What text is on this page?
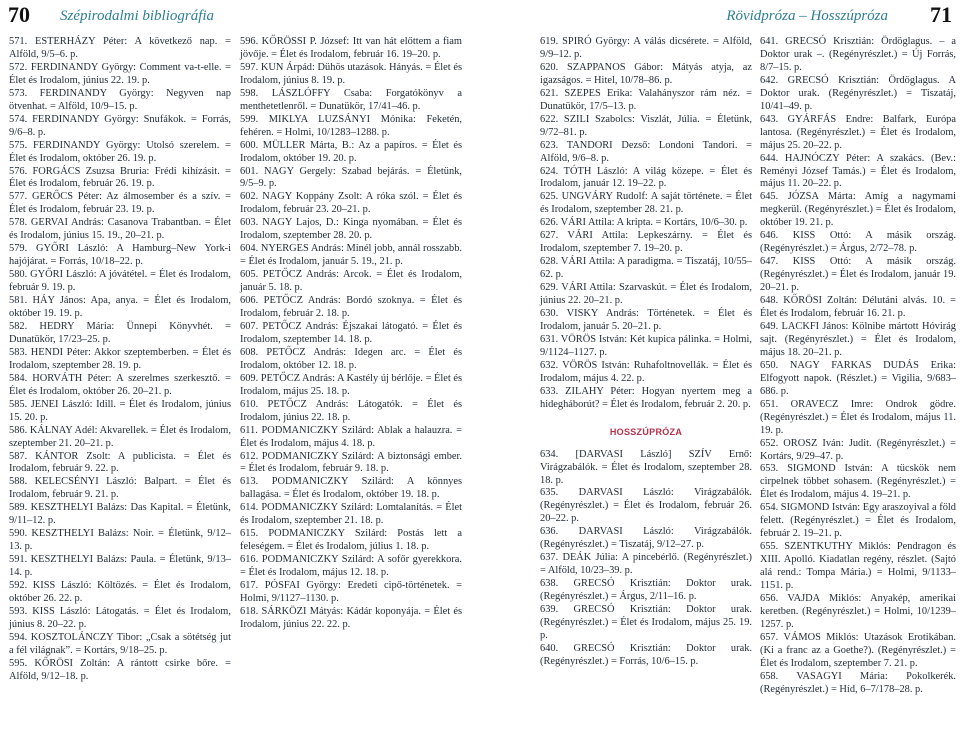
70 Szépirodalmi bibliográfia

571. ESTERHÁZY Péter: A következő nap. = Alföld, 9/5–6. p.

572. FERDINANDY György: Comment va-t-elle. = Élet és Irodalom, június 22. 19. p.

573. FERDINANDY György: Negyven nap ötvenhat. = Alföld, 10/9–15. p.

574. FERDINANDY György: Snufákok. = Forrás, 9/6–8. p.

575. FERDINANDY György: Utolsó szerelem. = Élet és Irodalom, október 26. 19. p.

576. FORGÁCS Zsuzsa Bruria: Frédi kihízásit. = Élet és Irodalom, február 26. 19. p.

577. GERŐCS Péter: Az álmosember és a szív. = Élet és Irodalom, február 23. 19. p.

578. GERVAI András: Casanova Trabantban. = Élet és Irodalom, június 15. 19., 20–21. p.

579. GYŐRI László: A Hamburg–New York-i hajójárat. = Forrás, 10/18–22. p.

580. GYŐRI László: A jóvátétel. = Élet és Irodalom, február 9. 19. p.

581. HÁY János: Apa, anya. = Élet és Irodalom, október 19. 19. p.

582. HEDRY Mária: Ünnepi Könyvhét. = Dunatükör, 17/23–25. p.

583. HENDI Péter: Akkor szeptemberben. = Élet és Irodalom, szeptember 28. 19. p.

584. HORVÁTH Péter: A szerelmes szerkesztő. = Élet és Irodalom, október 26. 20–21. p.

585. JENEI László: Idill. = Élet és Irodalom, június 15. 20. p.

586. KÁLNAY Adél: Akvarellek. = Élet és Irodalom, szeptember 21. 20–21. p.

587. KÁNTOR Zsolt: A publicista. = Élet és Irodalom, február 9. 22. p.

588. KELECSÉNYI László: Balpart. = Élet és Irodalom, február 9. 21. p.

589. KESZTHELYI Balázs: Das Kapital. = Életünk, 9/11–12. p.

590. KESZTHELYI Balázs: Noir. = Életünk, 9/12–13. p.

591. KESZTHELYI Balázs: Paula. = Életünk, 9/13–14. p.

592. KISS László: Költözés. = Élet és Irodalom, október 26. 22. p.

593. KISS László: Látogatás. = Élet és Irodalom, június 8. 20–22. p.

594. KOSZTOLÁNCZY Tibor: „Csak a sötétség jut a fél világnak”. = Kortárs, 9/18–25. p.

595. KŐRÖSI Zoltán: A rántott csirke bőre. = Alföld, 9/12–18. p.

596. KŐRÖSSI P. József: Itt van hát előttem a fiam jövője. = Élet és Irodalom, február 16. 19–20. p.

597. KUN Árpád: Dühös utazások. Hányás. = Élet és Irodalom, június 8. 19. p.

598. LÁSZLÓFFY Csaba: Forgatókönyv a menthetetlenről. = Dunatükör, 17/41–46. p.

599. MIKLYA LUZSÁNYI Mónika: Feketén, fehéren. = Holmi, 10/1283–1288. p.

600. MÜLLER Márta, B.: Az a papíros. = Élet és Irodalom, október 19. 20. p.

601. NAGY Gergely: Szabad bejárás. = Életünk, 9/5–9. p.

602. NAGY Koppány Zsolt: A róka szól. = Élet és Irodalom, február 23. 20–21. p.

603. NAGY Lajos, D.: Kinga nyomában. = Élet és Irodalom, szeptember 28. 20. p.

604. NYERGES András: Minél jobb, annál rosszabb. = Élet és Irodalom, január 5. 19., 21. p.

605. PETŐCZ András: Arcok. = Élet és Irodalom, január 5. 18. p.

606. PETŐCZ András: Bordó szoknya. = Élet és Irodalom, február 2. 18. p.

607. PETŐCZ András: Éjszakai látogató. = Élet és Irodalom, szeptember 14. 18. p.

608. PETŐCZ András: Idegen arc. = Élet és Irodalom, október 12. 18. p.

609. PETŐCZ András: A Kastély új bérlője. = Élet és Irodalom, május 25. 18. p.

610. PETŐCZ András: Látogatók. = Élet és Irodalom, június 22. 18. p.

611. PODMANICZKY Szilárd: Ablak a halauzra. = Élet és Irodalom, május 4. 18. p.

612. PODMANICZKY Szilárd: A biztonsági ember. = Élet és Irodalom, február 9. 18. p.

613. PODMANICZKY Szilárd: A könnyes ballagása. = Élet és Irodalom, október 19. 18. p.

614. PODMANICZKY Szilárd: Lomtalanítás. = Élet és Irodalom, szeptember 21. 18. p.

615. PODMANICZKY Szilárd: Postás lett a feleségem. = Élet és Irodalom, július 1. 18. p.

616. PODMANICZKY Szilárd: A sofőr gyerekkora. = Élet és Irodalom, május 12. 18. p.

617. PÓSFAI György: Eredeti cipő-történetek. = Holmi, 9/1127–1130. p.

618. SÁRKÖZI Mátyás: Kádár koponyája. = Élet és Irodalom, június 22. 22. p.

Rövidpróza – Hosszúpróza 71

619. SPIRÓ György: A válás dicsérete. = Alföld, 9/9–12. p.

620. SZAPPANOS Gábor: Mátyás atyja, az igazságos. = Hitel, 10/78–86. p.

621. SZEPES Erika: Valahányszor rám néz. = Dunatükör, 17/5–13. p.

622. SZILI Szabolcs: Viszlát, Júlia. = Életünk, 9/72–81. p.

623. TANDORI Dezső: Londoni Tandori. = Alföld, 9/6–8. p.

624. TÓTH László: A világ közepe. = Élet és Irodalom, január 12. 19–22. p.

625. UNGVÁRY Rudolf: A saját története. = Élet és Irodalom, szeptember 28. 21. p.

626. VÁRI Attila: A kripta. = Kortárs, 10/6–30. p.

627. VÁRI Attila: Lepkeszárny. = Élet és Irodalom, szeptember 7. 19–20. p.

628. VÁRI Attila: A paradigma. = Tiszatáj, 10/55–62. p.

629. VÁRI Attila: Szarvaskút. = Élet és Irodalom, június 22. 20–21. p.

630. VISKY András: Történetek. = Élet és Irodalom, január 5. 20–21. p.

631. VÖRÖS István: Két kupica pálinka. = Holmi, 9/1124–1127. p.

632. VÖRÖS István: Ruhafoltnovellák. = Élet és Irodalom, május 4. 22. p.

633. ZILAHY Péter: Hogyan nyertem meg a hidegháborút? = Élet és Irodalom, február 2. 20. p.

HOSSZÚPRÓZA

634. [DARVASI László] SZÍV Ernő: Virágzabálók. = Élet és Irodalom, szeptember 28. 18. p.

635. DARVASI László: Virágzabálók. (Regényrészlet.) = Élet és Irodalom, február 26. 20–22. p.

636. DARVASI László: Virágzabálók. (Regényrészlet.) = Tiszatáj, 9/12–27. p.

637. DEÁK Júlia: A pincebérlő. (Regényrészlet.) = Alföld, 10/23–39. p.

638. GRECSÓ Krisztián: Doktor urak. (Regényrészlet.) = Árgus, 2/11–16. p.

639. GRECSÓ Krisztián: Doktor urak. (Regényrészlet.) = Élet és Irodalom, május 25. 19. p.

640. GRECSÓ Krisztián: Doktor urak. (Regényrészlet.) = Forrás, 10/6–15. p.

641. GRECSÓ Krisztián: Ördöglagus. – a Doktor urak –. (Regényrészlet.) = Új Forrás, 8/7–15. p.

642. GRECSÓ Krisztián: Ördöglagus. A Doktor urak. (Regényrészlet.) = Tiszatáj, 10/41–49. p.

643. GYÁRFÁS Endre: Balfark, Európa lantosa. (Regényrészlet.) = Élet és Irodalom, május 25. 20–22. p.

644. HAJNÓCZY Péter: A szakács. (Bev.: Reményi József Tamás.) = Élet és Irodalom, május 11. 20–22. p.

645. JÓZSA Márta: Amíg a nagymami megkerül. (Regényrészlet.) = Élet és Irodalom, október 19. 21. p.

646. KISS Ottó: A másik ország. (Regényrészlet.) = Árgus, 2/72–78. p.

647. KISS Ottó: A másik ország. (Regényrészlet.) = Élet és Irodalom, január 19. 20–21. p.

648. KŐRÖSI Zoltán: Délutáni alvás. 10. = Élet és Irodalom, február 16. 21. p.

649. LACKFI János: Kölnibe mártott Hóvirág sajt. (Regényrészlet.) = Élet és Irodalom, május 18. 20–21. p.

650. NAGY FARKAS DUDÁS Erika: Elfogyott napok. (Részlet.) = Vigilia, 9/683–686. p.

651. ORAVECZ Imre: Ondrok gödre. (Regényrészlet.) = Élet és Irodalom, május 11. 19. p.

652. OROSZ Iván: Judit. (Regényrészlet.) = Kortárs, 9/29–47. p.

653. SIGMOND István: A tücskök nem cirpelnek többet sohasem. (Regényrészlet.) = Élet és Irodalom, május 4. 19–21. p.

654. SIGMOND István: Egy araszoyival a föld felett. (Regényrészlet.) = Élet és Irodalom, február 2. 19–21. p.

655. SZENTKUTHY Miklós: Pendragon és XIII. Apolló. Kiadatlan regény, részlet. (Sajtó alá rend.: Tompa Mária.) = Holmi, 9/1133–1151. p.

656. VAJDA Miklós: Anyakép, amerikai keretben. (Regényrészlet.) = Holmi, 10/1239–1257. p.

657. VÁMOS Miklós: Utazások Erotikában. (Ki a franc az a Goethe?). (Regényrészlet.) = Élet és Irodalom, szeptember 7. 21. p.

658. VASAGYI Mária: Pokolkerék. (Regényrészlet.) = Híd, 6–7/178–28. p.
